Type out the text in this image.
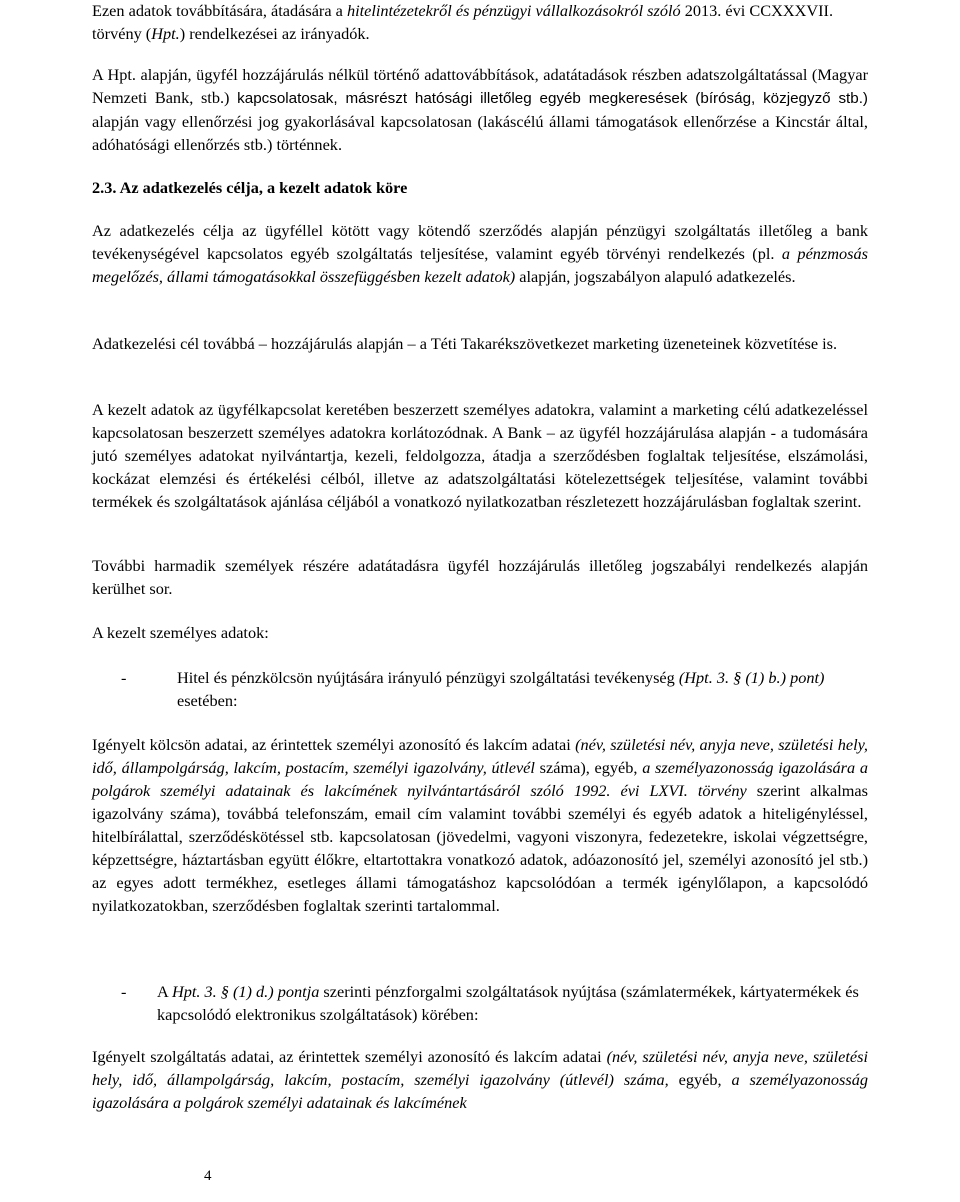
Ezen adatok továbbítására, átadására a hitelintézetekről és pénzügyi vállalkozásokról szóló 2013. évi CCXXXVII. törvény (Hpt.) rendelkezései az irányadók.

A Hpt. alapján, ügyfél hozzájárulás nélkül történő adattovábbítások, adatátadások részben adatszolgáltatással (Magyar Nemzeti Bank, stb.) kapcsolatosak, másrészt hatósági illetőleg egyéb megkeresések (bíróság, közjegyző stb.) alapján vagy ellenőrzési jog gyakorlásával kapcsolatosan (lakáscélú állami támogatások ellenőrzése a Kincstár által, adóhatósági ellenőrzés stb.) történnek.

2.3. Az adatkezelés célja, a kezelt adatok köre

Az adatkezelés célja az ügyféllel kötött vagy kötendő szerződés alapján pénzügyi szolgáltatás illetőleg a bank tevékenységével kapcsolatos egyéb szolgáltatás teljesítése, valamint egyéb törvényi rendelkezés (pl. a pénzmosás megelőzés, állami támogatásokkal összefüggésben kezelt adatok) alapján, jogszabályon alapuló adatkezelés.

Adatkezelési cél továbbá – hozzájárulás alapján – a Téti Takarékszövetkezet marketing üzeneteinek közvetítése is.

A kezelt adatok az ügyfélkapcsolat keretében beszerzett személyes adatokra, valamint a marketing célú adatkezeléssel kapcsolatosan beszerzett személyes adatokra korlátozódnak. A Bank – az ügyfél hozzájárulása alapján - a tudomására jutó személyes adatokat nyilvántartja, kezeli, feldolgozza, átadja a szerződésben foglaltak teljesítése, elszámolási, kockázat elemzési és értékelési célból, illetve az adatszolgáltatási kötelezettségek teljesítése, valamint további termékek és szolgáltatások ajánlása céljából a vonatkozó nyilatkozatban részletezett hozzájárulásban foglaltak szerint.

További harmadik személyek részére adatátadásra ügyfél hozzájárulás illetőleg jogszabályi rendelkezés alapján kerülhet sor.

A kezelt személyes adatok:

-	Hitel és pénzkölcsön nyújtására irányuló pénzügyi szolgáltatási tevékenység (Hpt. 3. § (1) b.) pont) esetében:

Igényelt kölcsön adatai, az érintettek személyi azonosító és lakcím adatai (név, születési név, anyja neve, születési hely, idő, állampolgárság, lakcím, postacím, személyi igazolvány, útlevél száma), egyéb, a személyazonosság igazolására a polgárok személyi adatainak és lakcímének nyilvántartásáról szóló 1992. évi LXVI. törvény szerint alkalmas igazolvány száma), továbbá telefonszám, email cím valamint további személyi és egyéb adatok a hiteligényléssel, hitelbírálattal, szerződéskötéssel stb. kapcsolatosan (jövedelmi, vagyoni viszonyra, fedezetekre, iskolai végzettségre, képzettségre, háztartásban együtt élőkre, eltartottakra vonatkozó adatok, adóazonosító jel, személyi azonosító jel stb.) az egyes adott termékhez, esetleges állami támogatáshoz kapcsolódóan a termék igénylőlapon, a kapcsolódó nyilatkozatokban, szerződésben foglaltak szerinti tartalommal.

-	A Hpt. 3. § (1) d.) pontja szerinti pénzforgalmi szolgáltatások nyújtása (számlatermékek, kártyatermékek és kapcsolódó elektronikus szolgáltatások) körében:

Igényelt szolgáltatás adatai, az érintettek személyi azonosító és lakcím adatai (név, születési név, anyja neve, születési hely, idő, állampolgárság, lakcím, postacím, személyi igazolvány (útlevél) száma, egyéb, a személyazonosság igazolására a polgárok személyi adatainak és lakcímének

4
